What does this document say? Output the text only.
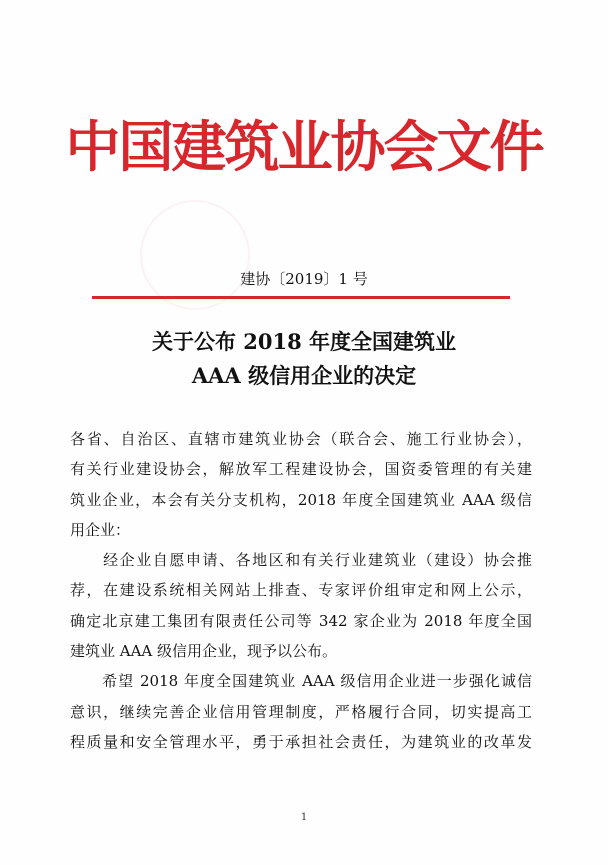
中国建筑业协会文件
建协〔2019〕1 号
关于公布 2018 年度全国建筑业
AAA 级信用企业的决定
各省、自治区、直辖市建筑业协会（联合会、施工行业协会），
有关行业建设协会，解放军工程建设协会，国资委管理的有关建
筑业企业，本会有关分支机构，2018 年度全国建筑业 AAA 级信
用企业：
　　经企业自愿申请、各地区和有关行业建筑业（建设）协会推
荐，在建设系统相关网站上排查、专家评价组审定和网上公示，
确定北京建工集团有限责任公司等 342 家企业为 2018 年度全国
建筑业 AAA 级信用企业，现予以公布。
　　希望 2018 年度全国建筑业 AAA 级信用企业进一步强化诚信
意识，继续完善企业信用管理制度，严格履行合同，切实提高工
程质量和安全管理水平，勇于承担社会责任，为建筑业的改革发
1
